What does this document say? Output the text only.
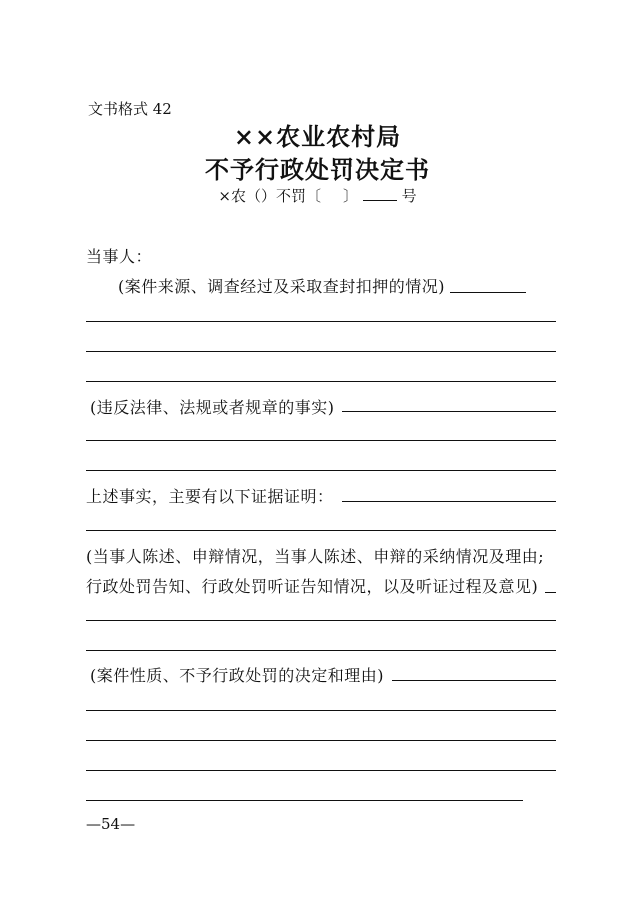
文书格式 42
××农业农村局
不予行政处罚决定书
×农（）不罚〔 〕	号
当事人：
(案件来源、调查经过及采取查封扣押的情况)
(违反法律、法规或者规章的事实)
上述事实，主要有以下证据证明：
(当事人陈述、申辩情况，当事人陈述、申辩的采纳情况及理由;
行政处罚告知、行政处罚听证告知情况，以及听证过程及意见)
(案件性质、不予行政处罚的决定和理由)
—54—
